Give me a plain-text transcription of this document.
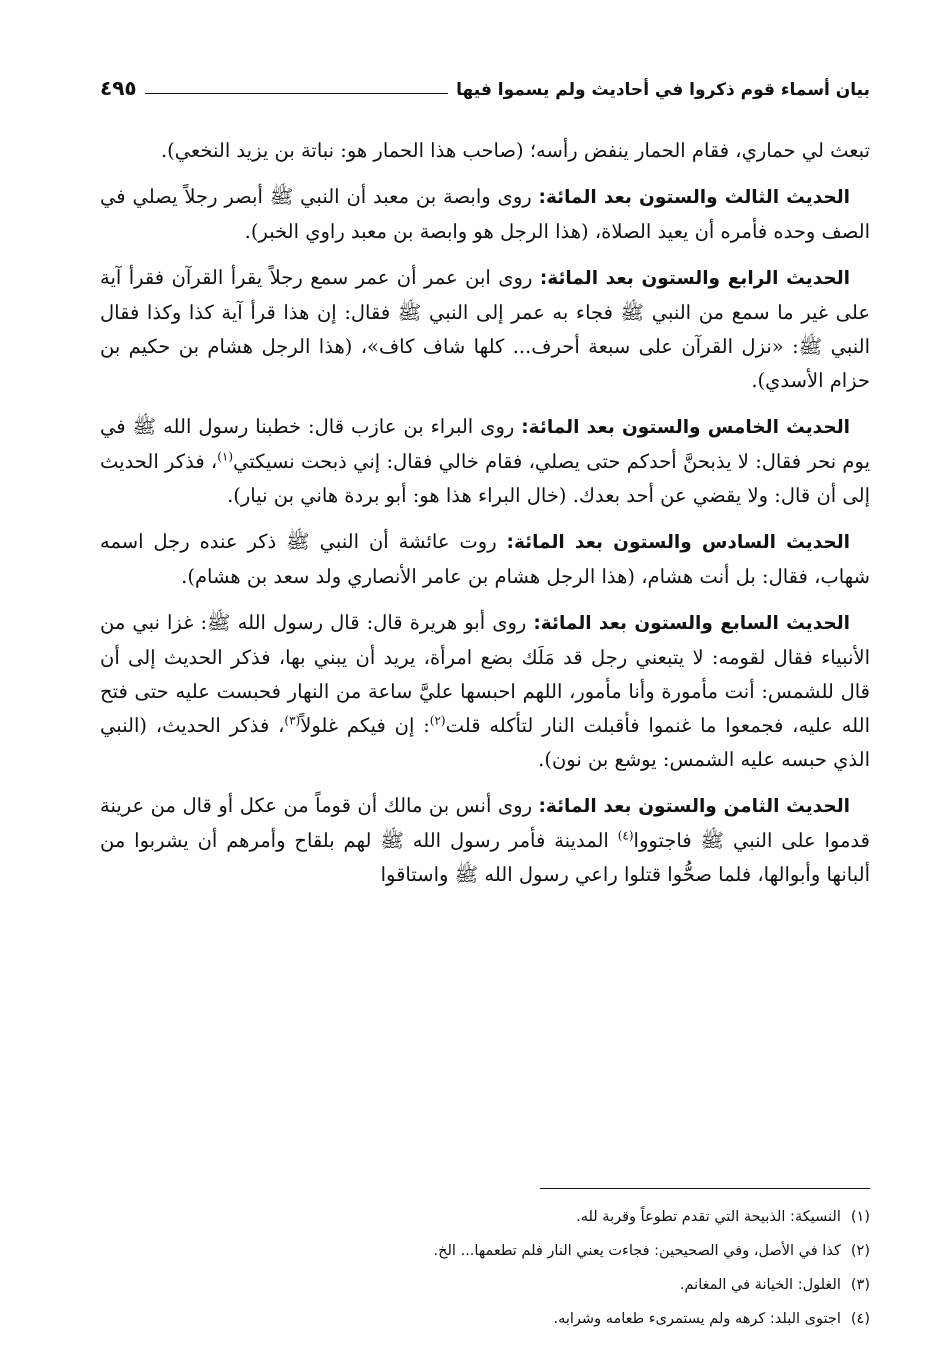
بيان أسماء قوم ذكروا في أحاديث ولم يسموا فيها
٤٩٥

تبعث لي حماري، فقام الحمار ينفض رأسه؛ (صاحب هذا الحمار هو: نباتة بن يزيد النخعي).

الحديث الثالث والستون بعد المائة: روى وابصة بن معبد أن النبي ﷺ أبصر رجلاً يصلي في الصف وحده فأمره أن يعيد الصلاة، (هذا الرجل هو وابصة بن معبد راوي الخبر).

الحديث الرابع والستون بعد المائة: روى ابن عمر أن عمر سمع رجلاً يقرأ القرآن فقرأ آية على غير ما سمع من النبي ﷺ فجاء به عمر إلى النبي ﷺ فقال: إن هذا قرأ آية كذا وكذا فقال النبي ﷺ: «نزل القرآن على سبعة أحرف... كلها شاف كاف»، (هذا الرجل هشام بن حكيم بن حزام الأسدي).

الحديث الخامس والستون بعد المائة: روى البراء بن عازب قال: خطبنا رسول الله ﷺ في يوم نحر فقال: لا يذبحنَّ أحدكم حتى يصلي، فقام خالي فقال: إني ذبحت نسيكتي$^{(١)}$، فذكر الحديث إلى أن قال: ولا يقضي عن أحد بعدك. (خال البراء هذا هو: أبو بردة هاني بن نيار).

الحديث السادس والستون بعد المائة: روت عائشة أن النبي ﷺ ذكر عنده رجل اسمه شهاب، فقال: بل أنت هشام، (هذا الرجل هشام بن عامر الأنصاري ولد سعد بن هشام).

الحديث السابع والستون بعد المائة: روى أبو هريرة قال: قال رسول الله ﷺ: غزا نبي من الأنبياء فقال لقومه: لا يتبعني رجل قد مَلَك بضع امرأة، يريد أن يبني بها، فذكر الحديث إلى أن قال للشمس: أنت مأمورة وأنا مأمور، اللهم احبسها عليَّ ساعة من النهار فحبست عليه حتى فتح الله عليه، فجمعوا ما غنموا فأقبلت النار لتأكله قلت$^{(٢)}$: إن فيكم غلولاً$^{(٣)}$، فذكر الحديث، (النبي الذي حبسه عليه الشمس: يوشع بن نون).

الحديث الثامن والستون بعد المائة: روى أنس بن مالك أن قوماً من عكل أو قال من عرينة قدموا على النبي ﷺ فاجتووا$^{(٤)}$ المدينة فأمر رسول الله ﷺ لهم بلقاح وأمرهم أن يشربوا من ألبانها وأبوالها، فلما صحُّوا قتلوا راعي رسول الله ﷺ واستاقوا

(١)
النسيكة: الذبيحة التي تقدم تطوعاً وقربة لله.
(٢)
كذا في الأصل، وفي الصحيحين: فجاءت يعني النار فلم تطعمها... الخ.
(٣)
الغلول: الخيانة في المغانم.
(٤)
اجتوى البلد: كرهه ولم يستمرىء طعامه وشرابه.
